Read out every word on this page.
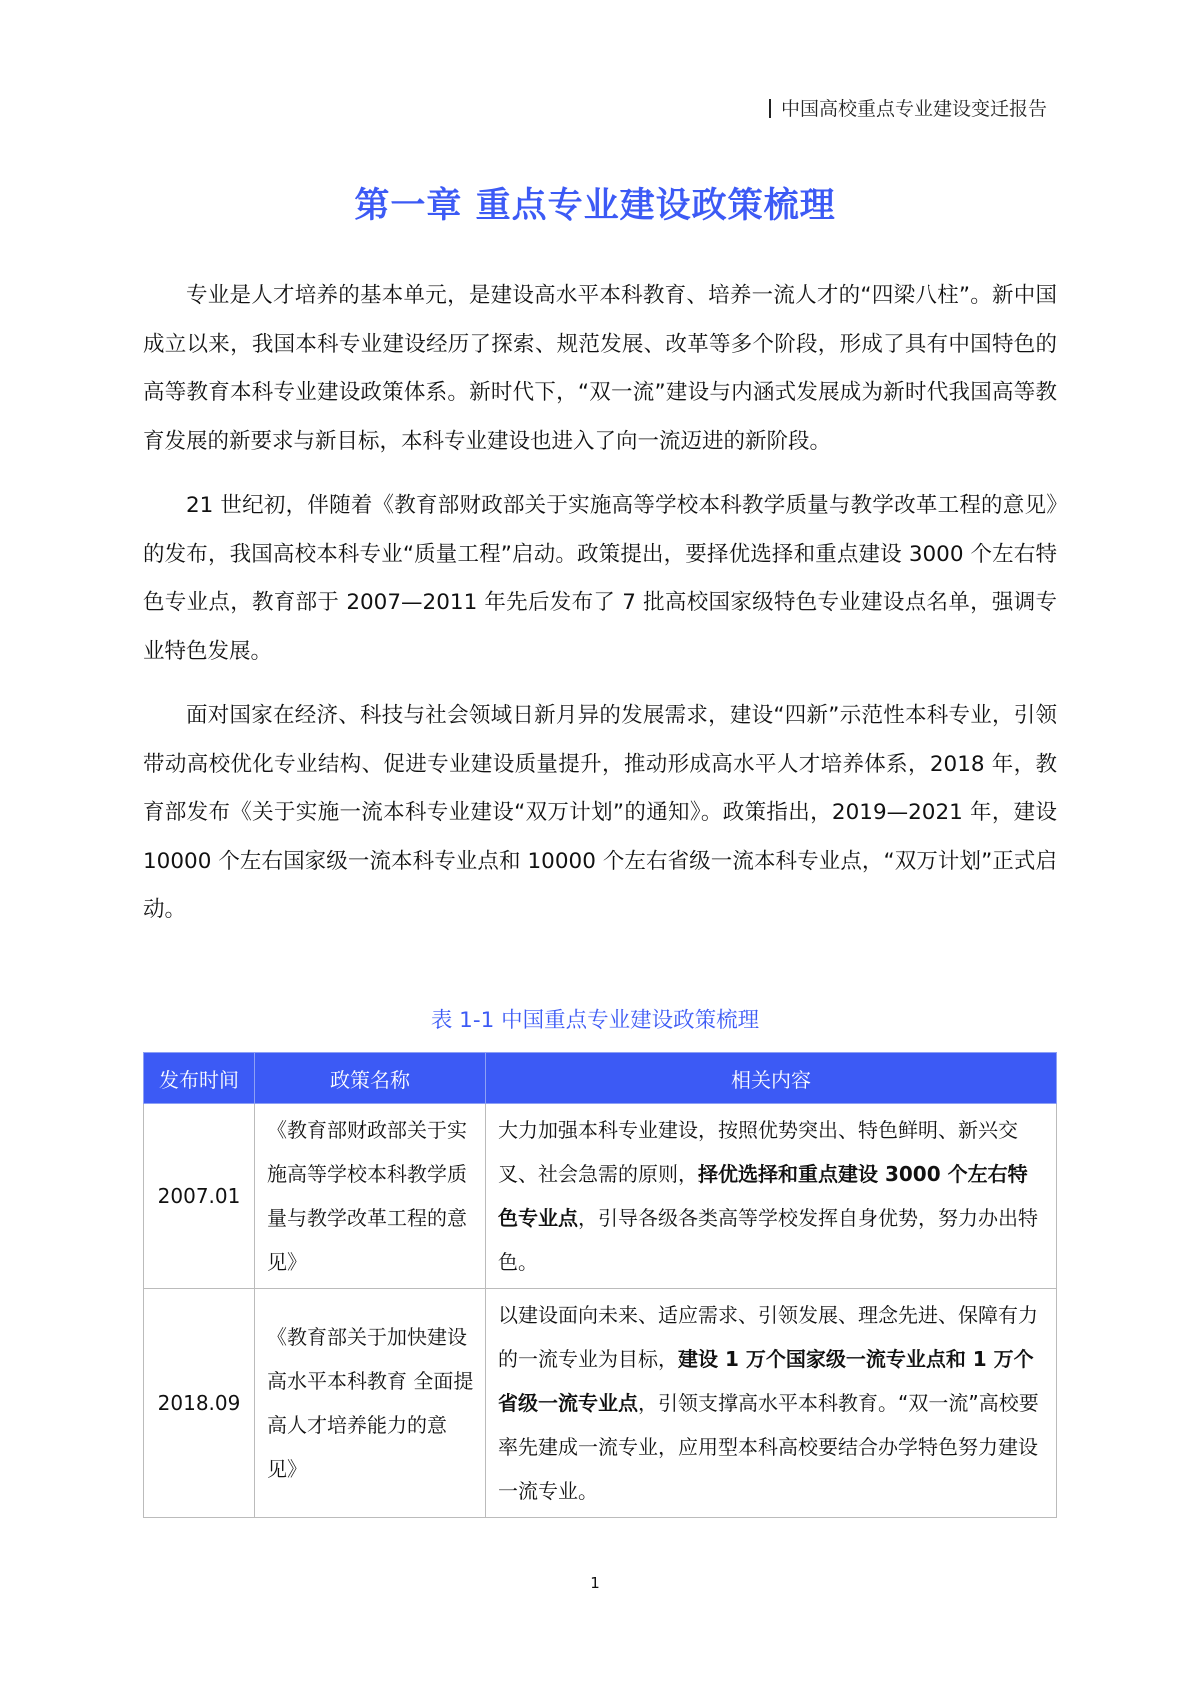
中国高校重点专业建设变迁报告
第一章 重点专业建设政策梳理

专业是人才培养的基本单元，是建设高水平本科教育、培养一流人才的“四梁八柱”。新中国成立以来，我国本科专业建设经历了探索、规范发展、改革等多个阶段，形成了具有中国特色的高等教育本科专业建设政策体系。新时代下，“双一流”建设与内涵式发展成为新时代我国高等教育发展的新要求与新目标，本科专业建设也进入了向一流迈进的新阶段。

21 世纪初，伴随着《教育部财政部关于实施高等学校本科教学质量与教学改革工程的意见》的发布，我国高校本科专业“质量工程”启动。政策提出，要择优选择和重点建设 3000 个左右特色专业点，教育部于 2007—2011 年先后发布了 7 批高校国家级特色专业建设点名单，强调专业特色发展。

面对国家在经济、科技与社会领域日新月异的发展需求，建设“四新”示范性本科专业，引领带动高校优化专业结构、促进专业建设质量提升，推动形成高水平人才培养体系，2018 年，教育部发布《关于实施一流本科专业建设“双万计划”的通知》。政策指出，2019—2021 年，建设 10000 个左右国家级一流本科专业点和 10000 个左右省级一流本科专业点，“双万计划”正式启动。

表 1-1 中国重点专业建设政策梳理
发布时间	政策名称	相关内容
2007.01	《教育部财政部关于实施高等学校本科教学质量与教学改革工程的意见》	大力加强本科专业建设，按照优势突出、特色鲜明、新兴交叉、社会急需的原则，择优选择和重点建设 3000 个左右特色专业点，引导各级各类高等学校发挥自身优势，努力办出特色。
2018.09	《教育部关于加快建设高水平本科教育 全面提高人才培养能力的意见》	以建设面向未来、适应需求、引领发展、理念先进、保障有力的一流专业为目标，建设 1 万个国家级一流专业点和 1 万个省级一流专业点，引领支撑高水平本科教育。“双一流”高校要率先建成一流专业，应用型本科高校要结合办学特色努力建设一流专业。
1
